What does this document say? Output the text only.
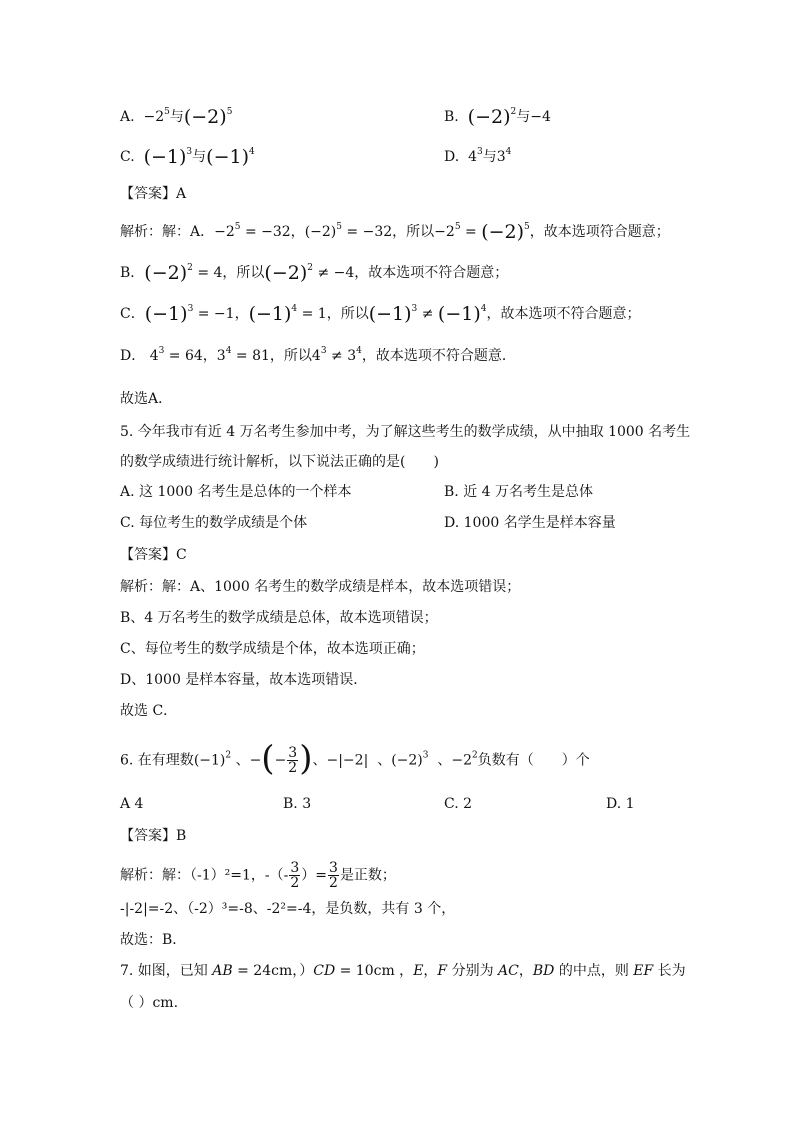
A. $-2^5$与$(-2)^5$	B. $(-2)^2$与−4
C. $(-1)^3$与$(-1)^4$	D. $4^3$与$3^4$
【答案】A
解析：解：A．$-2^5 = -32$，$(-2)^5 = -32$，所以$-2^5 = (-2)^5$，故本选项符合题意；
B．$(-2)^2 = 4$，所以$(-2)^2 \ne -4$，故本选项不符合题意；
C．$(-1)^3 = -1$，$(-1)^4 = 1$，所以$(-1)^3 \ne (-1)^4$，故本选项不符合题意；
D． $4^3 = 64$，$3^4 = 81$，所以$4^3 \ne 3^4$，故本选项不符合题意．
故选A．
5. 今年我市有近 4 万名考生参加中考，为了解这些考生的数学成绩，从中抽取 1000 名考生
的数学成绩进行统计解析，以下说法正确的是( )
A. 这 1000 名考生是总体的一个样本	B. 近 4 万名考生是总体
C. 每位考生的数学成绩是个体	D. 1000 名学生是样本容量
【答案】C
解析：解：A、1000 名考生的数学成绩是样本，故本选项错误；
B、4 万名考生的数学成绩是总体，故本选项错误；
C、每位考生的数学成绩是个体，故本选项正确；
D、1000 是样本容量，故本选项错误．
故选 C．
6. 在有理数$(-1)^2$ 、−(− $\frac{3}{2}$ )、−|−2| 、$(-2)^3$ 、$-2^2$负数有（ ）个
A 4	B. 3	C. 2	D. 1
【答案】B
解析：解：（-1）²=1，-（- $\frac{3}{2}$ ）= $\frac{3}{2}$ 是正数；
-|-2|=-2、（-2）³=-8、-2²=-4，是负数，共有 3 个，
故选：B．
7. 如图，已知 AB = 24cm，）CD = 10cm ，E，F 分别为 AC，BD 的中点，则 EF 长为
（ ）cm.
